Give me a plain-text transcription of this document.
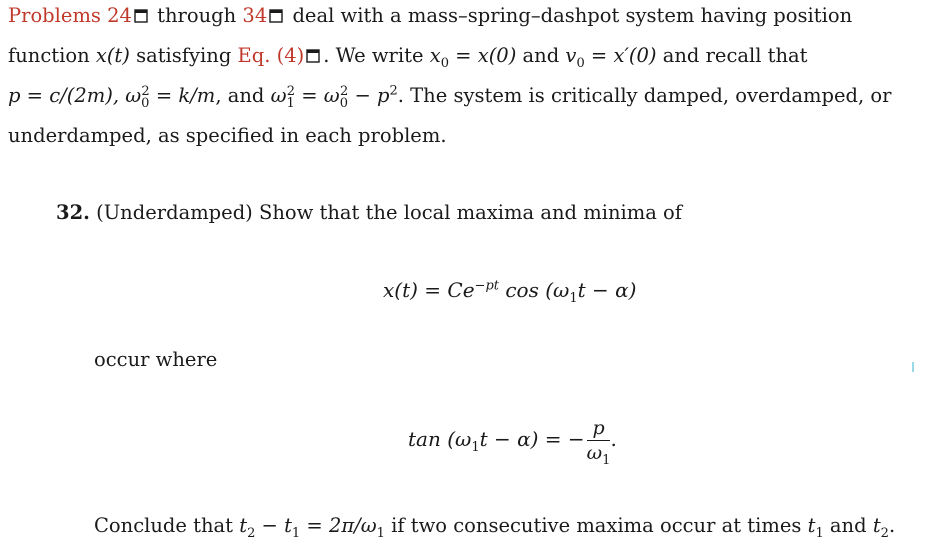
Problems 24
through 34
deal with a mass–spring–dashpot system having position
function x(t) satisfying Eq. (4) . We write $x_0 = x(0)$ and $v_0 = x'(0)$ and recall that
p = c/(2m), $\omega_0^2 = k/m$, and $\omega_1^2 = \omega_0^2 - p^2$. The system is critically damped, overdamped, or
underdamped, as specified in each problem.
32. (Underdamped) Show that the local maxima and minima of
$x(t) = Ce^{-pt}$ $\cos (\omega_1t - \alpha)$
occur where
$\tan (\omega_1t - \alpha)$ = − $\frac{p}{\omega_1}$ .
Conclude that $t_2 - t_1 = 2\pi/\omega_1$ if two consecutive maxima occur at times $t_1$ and $t_2$.
